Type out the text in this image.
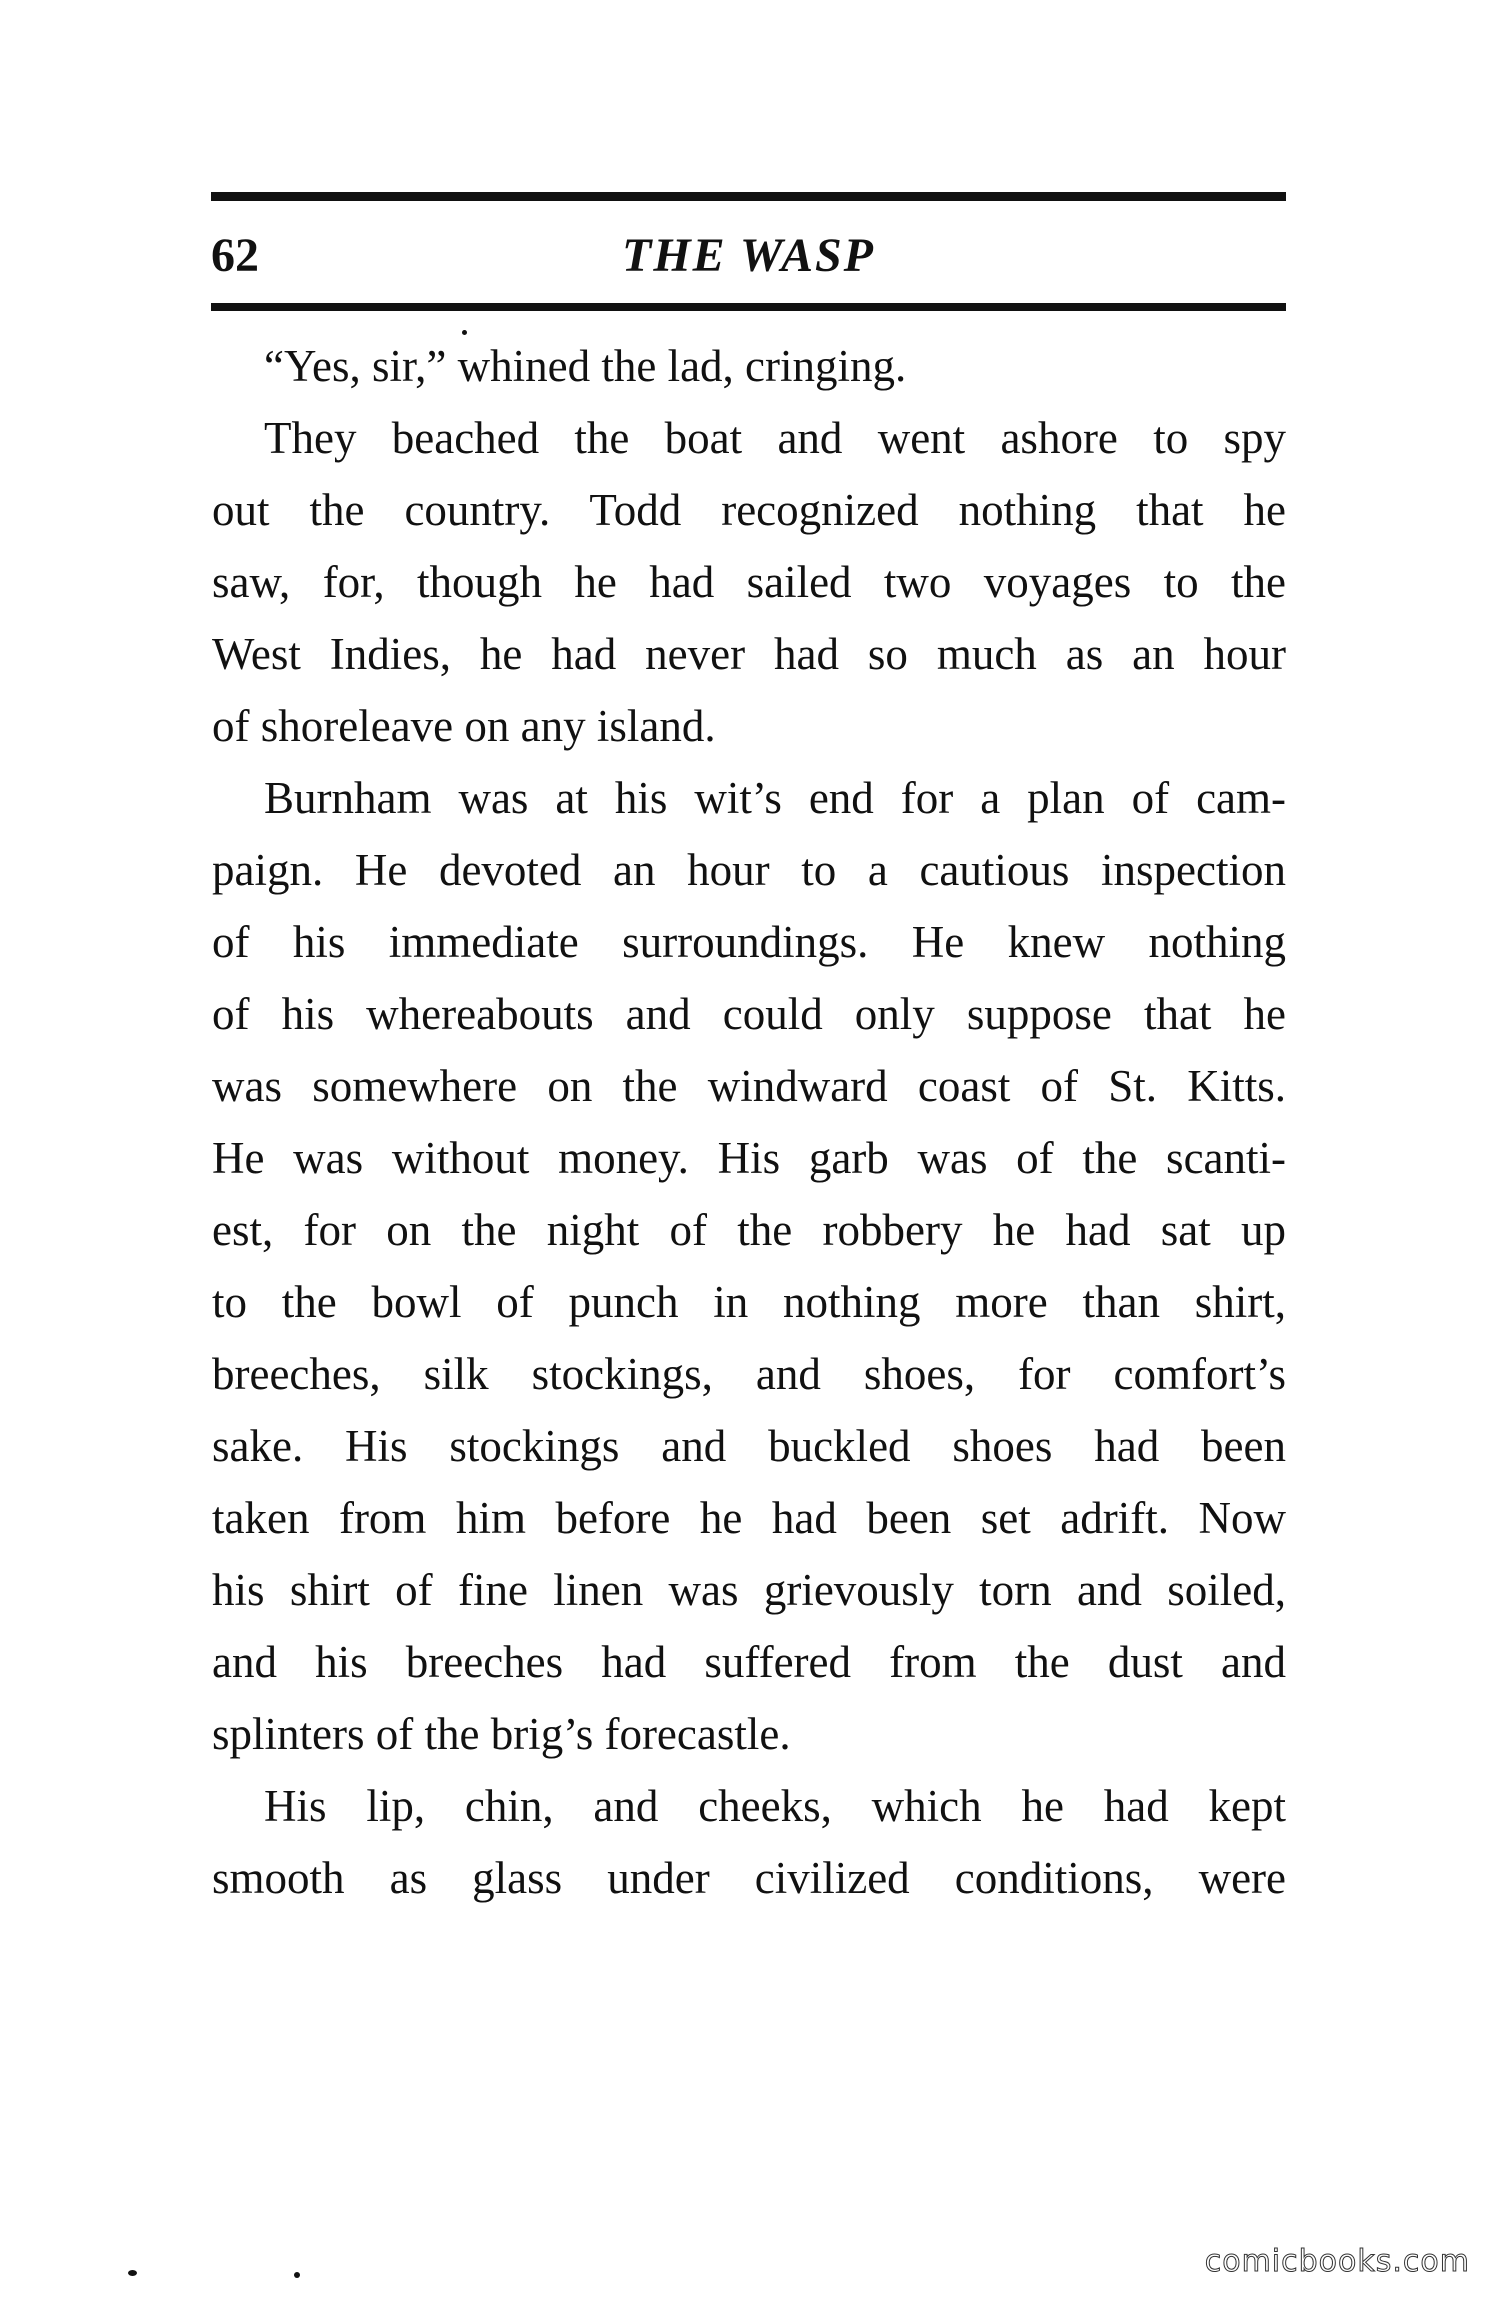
62	THE WASP
“Yes, sir,” whined the lad, cringing.
They beached the boat and went ashore to spy
out the country. Todd recognized nothing that he
saw, for, though he had sailed two voyages to the
West Indies, he had never had so much as an hour
of shoreleave on any island.
Burnham was at his wit’s end for a plan of cam-
paign. He devoted an hour to a cautious inspection
of his immediate surroundings. He knew nothing
of his whereabouts and could only suppose that he
was somewhere on the windward coast of St. Kitts.
He was without money. His garb was of the scanti-
est, for on the night of the robbery he had sat up
to the bowl of punch in nothing more than shirt,
breeches, silk stockings, and shoes, for comfort’s
sake. His stockings and buckled shoes had been
taken from him before he had been set adrift. Now
his shirt of fine linen was grievously torn and soiled,
and his breeches had suffered from the dust and
splinters of the brig’s forecastle.
His lip, chin, and cheeks, which he had kept
smooth as glass under civilized conditions, were
comicbooks.com
